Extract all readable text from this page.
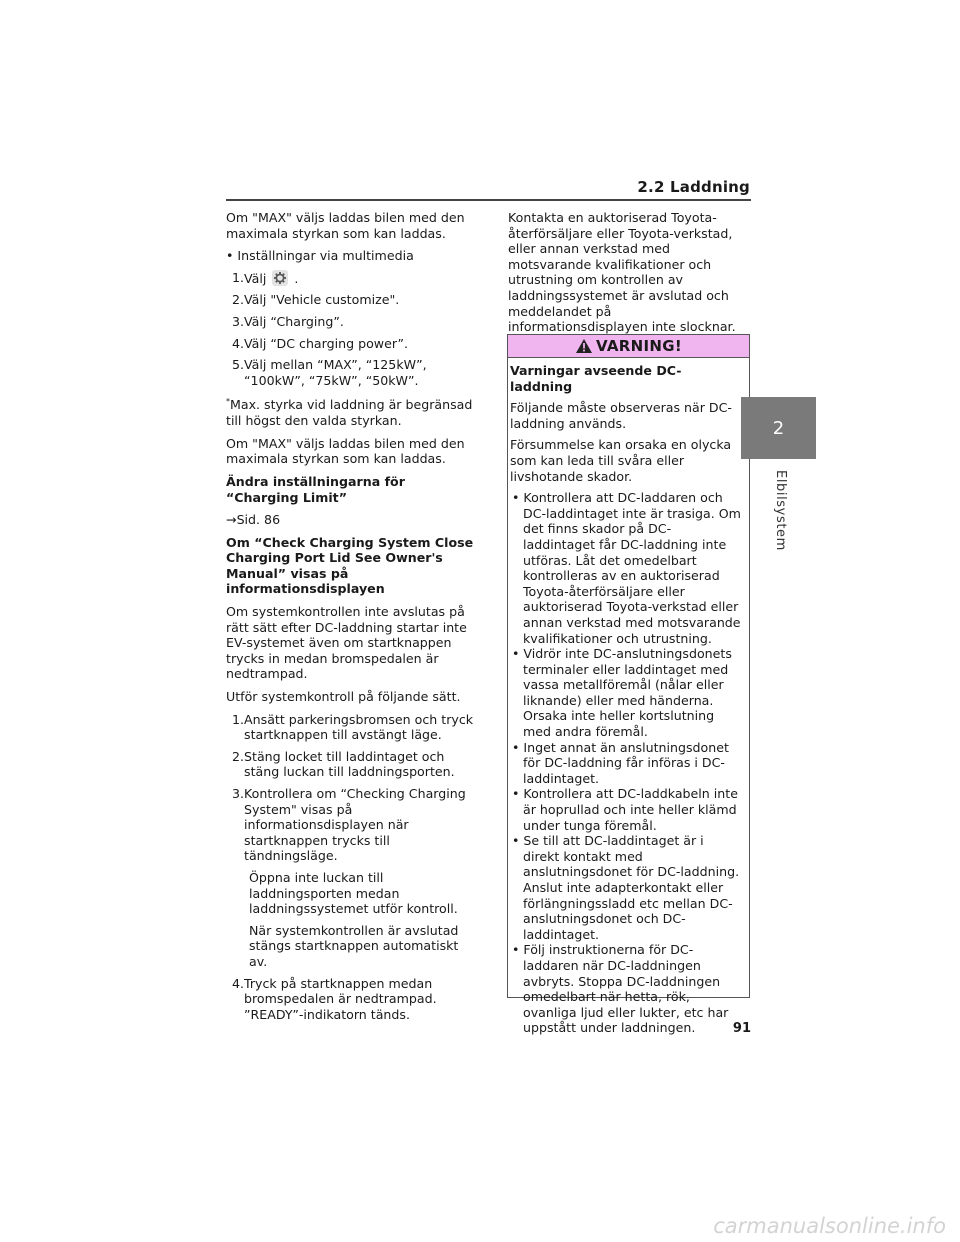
2.2 Laddning

Om "MAX" väljs laddas bilen med den maximala styrkan som kan laddas.

• Inställningar via multimedia
1. Välj .
2. Välj "Vehicle customize".
3. Välj “Charging”.
4. Välj “DC charging power”.
5. Välj mellan “MAX”, “125kW”, “100kW”, “75kW”, “50kW”.

*Max. styrka vid laddning är begränsad till högst den valda styrkan.

Om "MAX" väljs laddas bilen med den maximala styrkan som kan laddas.

Ändra inställningarna för “Charging Limit”

→Sid. 86

Om “Check Charging System Close Charging Port Lid See Owner's Manual” visas på informationsdisplayen

Om systemkontrollen inte avslutas på rätt sätt efter DC-laddning startar inte EV-systemet även om startknappen trycks in medan bromspedalen är nedtrampad.

Utför systemkontroll på följande sätt.

1. Ansätt parkeringsbromsen och tryck startknappen till avstängt läge.
2. Stäng locket till laddintaget och stäng luckan till laddningsporten.
3. Kontrollera om “Checking Charging System" visas på informationsdisplayen när startknappen trycks till tändningsläge.
Öppna inte luckan till laddningsporten medan laddningssystemet utför kontroll.
När systemkontrollen är avslutad stängs startknappen automatiskt av.
4. Tryck på startknappen medan bromspedalen är nedtrampad. ”READY”-indikatorn tänds.

Kontakta en auktoriserad Toyota-återförsäljare eller Toyota-verkstad, eller annan verkstad med motsvarande kvalifikationer och utrustning om kontrollen av laddningssystemet är avslutad och meddelandet på informationsdisplayen inte slocknar.

VARNING!

Varningar avseende DC-laddning

Följande måste observeras när DC-laddning används.

Försummelse kan orsaka en olycka som kan leda till svåra eller livshotande skador.

• Kontrollera att DC-laddaren och DC-laddintaget inte är trasiga. Om det finns skador på DC-laddintaget får DC-laddning inte utföras. Låt det omedelbart kontrolleras av en auktoriserad Toyota-återförsäljare eller auktoriserad Toyota-verkstad eller annan verkstad med motsvarande kvalifikationer och utrustning.
• Vidrör inte DC-anslutningsdonets terminaler eller laddintaget med vassa metallföremål (nålar eller liknande) eller med händerna. Orsaka inte heller kortslutning med andra föremål.
• Inget annat än anslutningsdonet för DC-laddning får införas i DC-laddintaget.
• Kontrollera att DC-laddkabeln inte är hoprullad och inte heller klämd under tunga föremål.
• Se till att DC-laddintaget är i direkt kontakt med anslutningsdonet för DC-laddning. Anslut inte adapterkontakt eller förlängningssladd etc mellan DC-anslutningsdonet och DC-laddintaget.
• Följ instruktionerna för DC-laddaren när DC-laddningen avbryts. Stoppa DC-laddningen omedelbart när hetta, rök, ovanliga ljud eller lukter, etc har uppstått under laddningen.
2
Elbilsystem
91
carmanualsonline.info
